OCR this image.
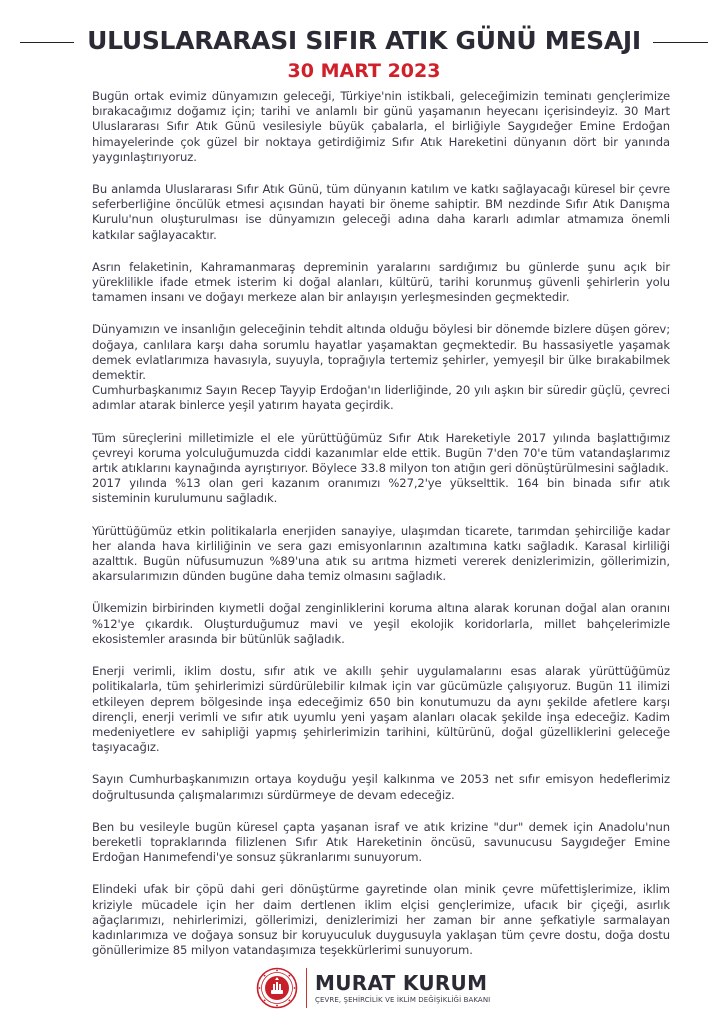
ULUSLARARASI SIFIR ATIK GÜNÜ MESAJI
30 MART 2023

Bugün ortak evimiz dünyamızın geleceği, Türkiye'nin istikbali, geleceğimizin teminatı gençlerimize bırakacağımız doğamız için; tarihi ve anlamlı bir günü yaşamanın heyecanı içerisindeyiz. 30 Mart Uluslararası Sıfır Atık Günü vesilesiyle büyük çabalarla, el birliğiyle Saygıdeğer Emine Erdoğan himayelerinde çok güzel bir noktaya getirdiğimiz Sıfır Atık Hareketini dünyanın dört bir yanında yaygınlaştırıyoruz.

Bu anlamda Uluslararası Sıfır Atık Günü, tüm dünyanın katılım ve katkı sağlayacağı küresel bir çevre seferberliğine öncülük etmesi açısından hayati bir öneme sahiptir. BM nezdinde Sıfır Atık Danışma Kurulu'nun oluşturulması ise dünyamızın geleceği adına daha kararlı adımlar atmamıza önemli katkılar sağlayacaktır.

Asrın felaketinin, Kahramanmaraş depreminin yaralarını sardığımız bu günlerde şunu açık bir yüreklilikle ifade etmek isterim ki doğal alanları, kültürü, tarihi korunmuş güvenli şehirlerin yolu tamamen insanı ve doğayı merkeze alan bir anlayışın yerleşmesinden geçmektedir.

Dünyamızın ve insanlığın geleceğinin tehdit altında olduğu böylesi bir dönemde bizlere düşen görev; doğaya, canlılara karşı daha sorumlu hayatlar yaşamaktan geçmektedir. Bu hassasiyetle yaşamak demek evlatlarımıza havasıyla, suyuyla, toprağıyla tertemiz şehirler, yemyeşil bir ülke bırakabilmek demektir.

Cumhurbaşkanımız Sayın Recep Tayyip Erdoğan'ın liderliğinde, 20 yılı aşkın bir süredir güçlü, çevreci adımlar atarak binlerce yeşil yatırım hayata geçirdik.

Tüm süreçlerini milletimizle el ele yürüttüğümüz Sıfır Atık Hareketiyle 2017 yılında başlattığımız çevreyi koruma yolculuğumuzda ciddi kazanımlar elde ettik. Bugün 7'den 70'e tüm vatandaşlarımız artık atıklarını kaynağında ayrıştırıyor. Böylece 33.8 milyon ton atığın geri dönüştürülmesini sağladık.

2017 yılında %13 olan geri kazanım oranımızı %27,2'ye yükselttik. 164 bin binada sıfır atık sisteminin kurulumunu sağladık.

Yürüttüğümüz etkin politikalarla enerjiden sanayiye, ulaşımdan ticarete, tarımdan şehirciliğe kadar her alanda hava kirliliğinin ve sera gazı emisyonlarının azaltımına katkı sağladık. Karasal kirliliği azalttık. Bugün nüfusumuzun %89'una atık su arıtma hizmeti vererek denizlerimizin, göllerimizin, akarsularımızın dünden bugüne daha temiz olmasını sağladık.

Ülkemizin birbirinden kıymetli doğal zenginliklerini koruma altına alarak korunan doğal alan oranını %12'ye çıkardık. Oluşturduğumuz mavi ve yeşil ekolojik koridorlarla, millet bahçelerimizle ekosistemler arasında bir bütünlük sağladık.

Enerji verimli, iklim dostu, sıfır atık ve akıllı şehir uygulamalarını esas alarak yürüttüğümüz politikalarla, tüm şehirlerimizi sürdürülebilir kılmak için var gücümüzle çalışıyoruz. Bugün 11 ilimizi etkileyen deprem bölgesinde inşa edeceğimiz 650 bin konutumuzu da aynı şekilde afetlere karşı dirençli, enerji verimli ve sıfır atık uyumlu yeni yaşam alanları olacak şekilde inşa edeceğiz. Kadim medeniyetlere ev sahipliği yapmış şehirlerimizin tarihini, kültürünü, doğal güzelliklerini geleceğe taşıyacağız.

Sayın Cumhurbaşkanımızın ortaya koyduğu yeşil kalkınma ve 2053 net sıfır emisyon hedeflerimiz doğrultusunda çalışmalarımızı sürdürmeye de devam edeceğiz.

Ben bu vesileyle bugün küresel çapta yaşanan israf ve atık krizine "dur" demek için Anadolu'nun bereketli topraklarında filizlenen Sıfır Atık Hareketinin öncüsü, savunucusu Saygıdeğer Emine Erdoğan Hanımefendi'ye sonsuz şükranlarımı sunuyorum.

Elindeki ufak bir çöpü dahi geri dönüştürme gayretinde olan minik çevre müfettişlerimize, iklim kriziyle mücadele için her daim dertlenen iklim elçisi gençlerimize, ufacık bir çiçeği, asırlık ağaçlarımızı, nehirlerimizi, göllerimizi, denizlerimizi her zaman bir anne şefkatiyle sarmalayan kadınlarımıza ve doğaya sonsuz bir koruyuculuk duygusuyla yaklaşan tüm çevre dostu, doğa dostu gönüllerimize 85 milyon vatandaşımıza teşekkürlerimi sunuyorum.

MURAT KURUM
ÇEVRE, ŞEHİRCİLİK VE İKLİM DEĞİŞİKLİĞİ BAKANI
